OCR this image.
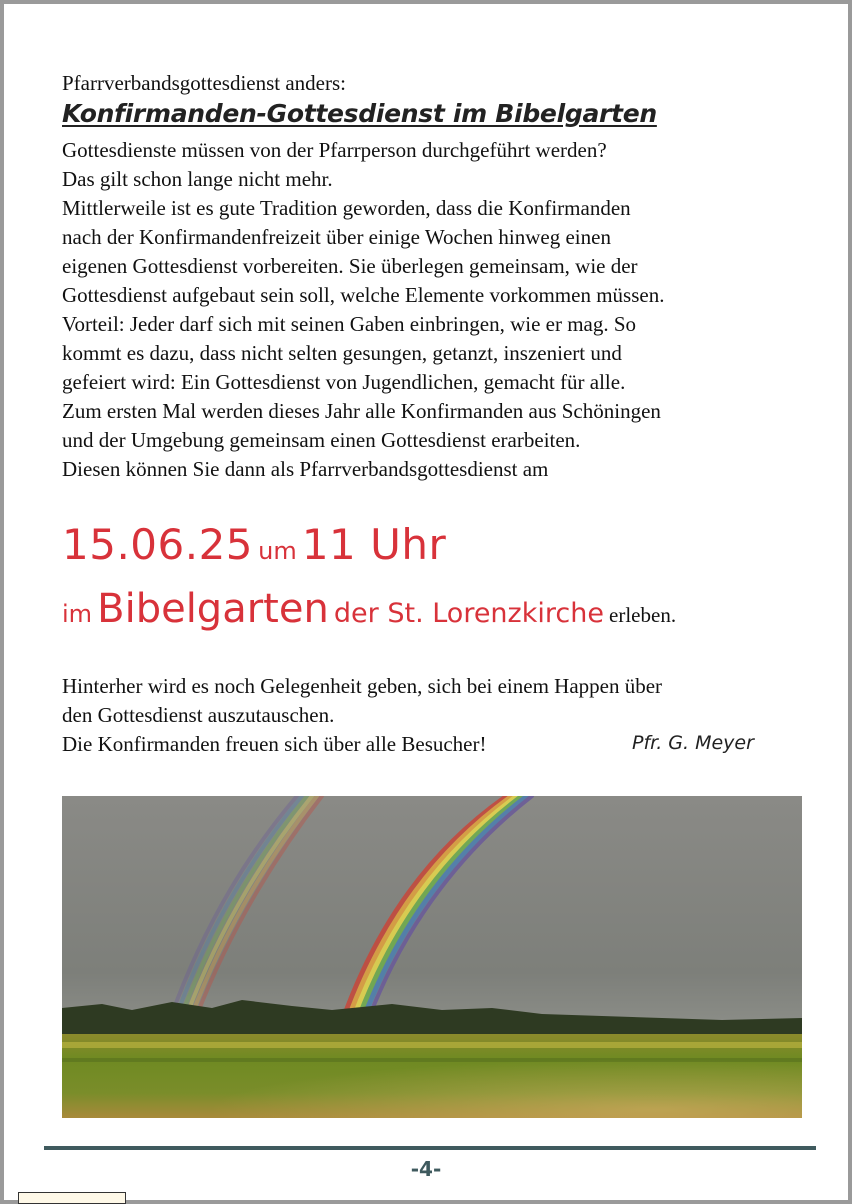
Pfarrverbandsgottesdienst anders:

Konfirmanden-Gottesdienst im Bibelgarten

Gottesdienste müssen von der Pfarrperson durchgeführt werden?

Das gilt schon lange nicht mehr.

Mittlerweile ist es gute Tradition geworden, dass die Konfirmanden

nach der Konfirmandenfreizeit über einige Wochen hinweg einen

eigenen Gottesdienst vorbereiten. Sie überlegen gemeinsam, wie der

Gottesdienst aufgebaut sein soll, welche Elemente vorkommen müssen.

Vorteil: Jeder darf sich mit seinen Gaben einbringen, wie er mag. So

kommt es dazu, dass nicht selten gesungen, getanzt, inszeniert und

gefeiert wird: Ein Gottesdienst von Jugendlichen, gemacht für alle.

Zum ersten Mal werden dieses Jahr alle Konfirmanden aus Schöningen

und der Umgebung gemeinsam einen Gottesdienst erarbeiten.

Diesen können Sie dann als Pfarrverbandsgottesdienst am

15.06.25 um 11 Uhr
im Bibelgarten der St. Lorenzkirche erleben.

Hinterher wird es noch Gelegenheit geben, sich bei einem Happen über

den Gottesdienst auszutauschen.

Die Konfirmanden freuen sich über alle Besucher!	Pfr. G. Meyer
-4-
